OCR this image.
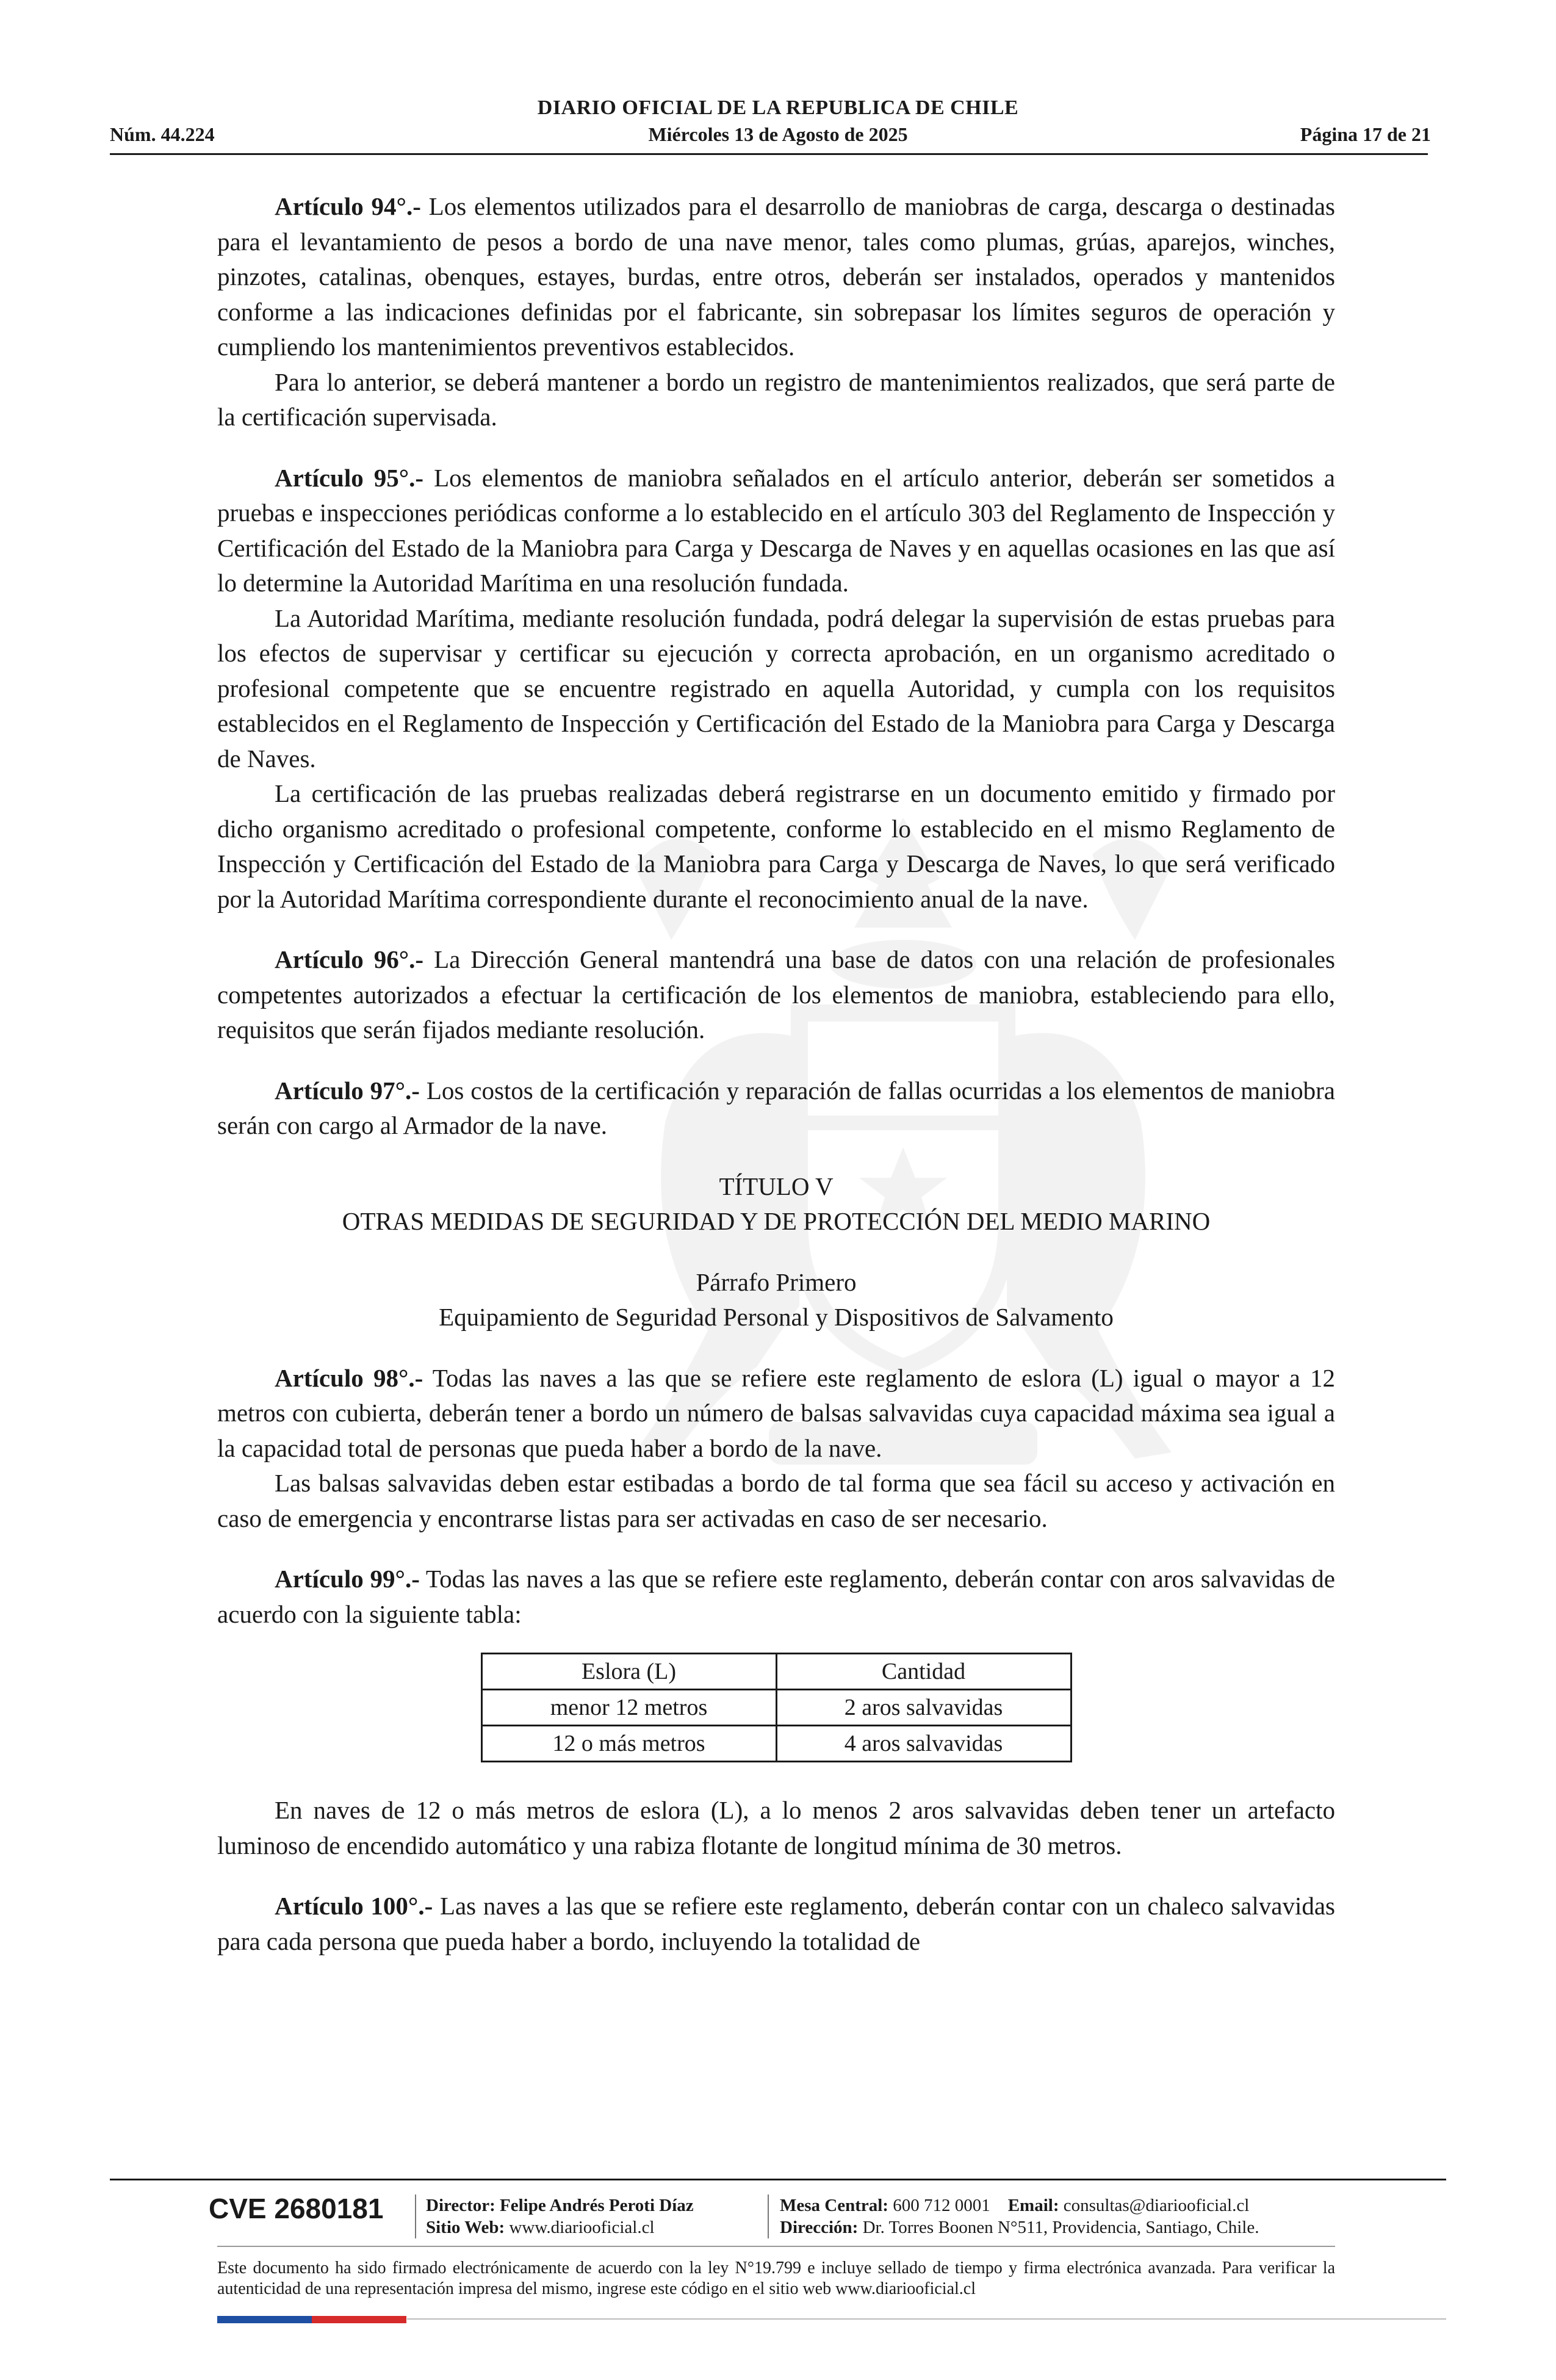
DIARIO OFICIAL DE LA REPUBLICA DE CHILE
Núm. 44.224	Miércoles 13 de Agosto de 2025	Página 17 de 21

Artículo 94°.- Los elementos utilizados para el desarrollo de maniobras de carga, descarga o destinadas para el levantamiento de pesos a bordo de una nave menor, tales como plumas, grúas, aparejos, winches, pinzotes, catalinas, obenques, estayes, burdas, entre otros, deberán ser instalados, operados y mantenidos conforme a las indicaciones definidas por el fabricante, sin sobrepasar los límites seguros de operación y cumpliendo los mantenimientos preventivos establecidos.

Para lo anterior, se deberá mantener a bordo un registro de mantenimientos realizados, que será parte de la certificación supervisada.

Artículo 95°.- Los elementos de maniobra señalados en el artículo anterior, deberán ser sometidos a pruebas e inspecciones periódicas conforme a lo establecido en el artículo 303 del Reglamento de Inspección y Certificación del Estado de la Maniobra para Carga y Descarga de Naves y en aquellas ocasiones en las que así lo determine la Autoridad Marítima en una resolución fundada.

La Autoridad Marítima, mediante resolución fundada, podrá delegar la supervisión de estas pruebas para los efectos de supervisar y certificar su ejecución y correcta aprobación, en un organismo acreditado o profesional competente que se encuentre registrado en aquella Autoridad, y cumpla con los requisitos establecidos en el Reglamento de Inspección y Certificación del Estado de la Maniobra para Carga y Descarga de Naves.

La certificación de las pruebas realizadas deberá registrarse en un documento emitido y firmado por dicho organismo acreditado o profesional competente, conforme lo establecido en el mismo Reglamento de Inspección y Certificación del Estado de la Maniobra para Carga y Descarga de Naves, lo que será verificado por la Autoridad Marítima correspondiente durante el reconocimiento anual de la nave.

Artículo 96°.- La Dirección General mantendrá una base de datos con una relación de profesionales competentes autorizados a efectuar la certificación de los elementos de maniobra, estableciendo para ello, requisitos que serán fijados mediante resolución.

Artículo 97°.- Los costos de la certificación y reparación de fallas ocurridas a los elementos de maniobra serán con cargo al Armador de la nave.

TÍTULO V

OTRAS MEDIDAS DE SEGURIDAD Y DE PROTECCIÓN DEL MEDIO MARINO

Párrafo Primero

Equipamiento de Seguridad Personal y Dispositivos de Salvamento

Artículo 98°.- Todas las naves a las que se refiere este reglamento de eslora (L) igual o mayor a 12 metros con cubierta, deberán tener a bordo un número de balsas salvavidas cuya capacidad máxima sea igual a la capacidad total de personas que pueda haber a bordo de la nave.

Las balsas salvavidas deben estar estibadas a bordo de tal forma que sea fácil su acceso y activación en caso de emergencia y encontrarse listas para ser activadas en caso de ser necesario.

Artículo 99°.- Todas las naves a las que se refiere este reglamento, deberán contar con aros salvavidas de acuerdo con la siguiente tabla:

Eslora (L)	Cantidad
menor 12 metros	2 aros salvavidas
12 o más metros	4 aros salvavidas

En naves de 12 o más metros de eslora (L), a lo menos 2 aros salvavidas deben tener un artefacto luminoso de encendido automático y una rabiza flotante de longitud mínima de 30 metros.

Artículo 100°.- Las naves a las que se refiere este reglamento, deberán contar con un chaleco salvavidas para cada persona que pueda haber a bordo, incluyendo la totalidad de

CVE 2680181 Director: Felipe Andrés Peroti Díaz
Sitio Web: www.diariooficial.cl
Mesa Central: 600 712 0001 Email: consultas@diariooficial.cl
Dirección: Dr. Torres Boonen N°511, Providencia, Santiago, Chile.
Este documento ha sido firmado electrónicamente de acuerdo con la ley N°19.799 e incluye sellado de tiempo y firma electrónica avanzada. Para verificar la autenticidad de una representación impresa del mismo, ingrese este código en el sitio web www.diariooficial.cl
